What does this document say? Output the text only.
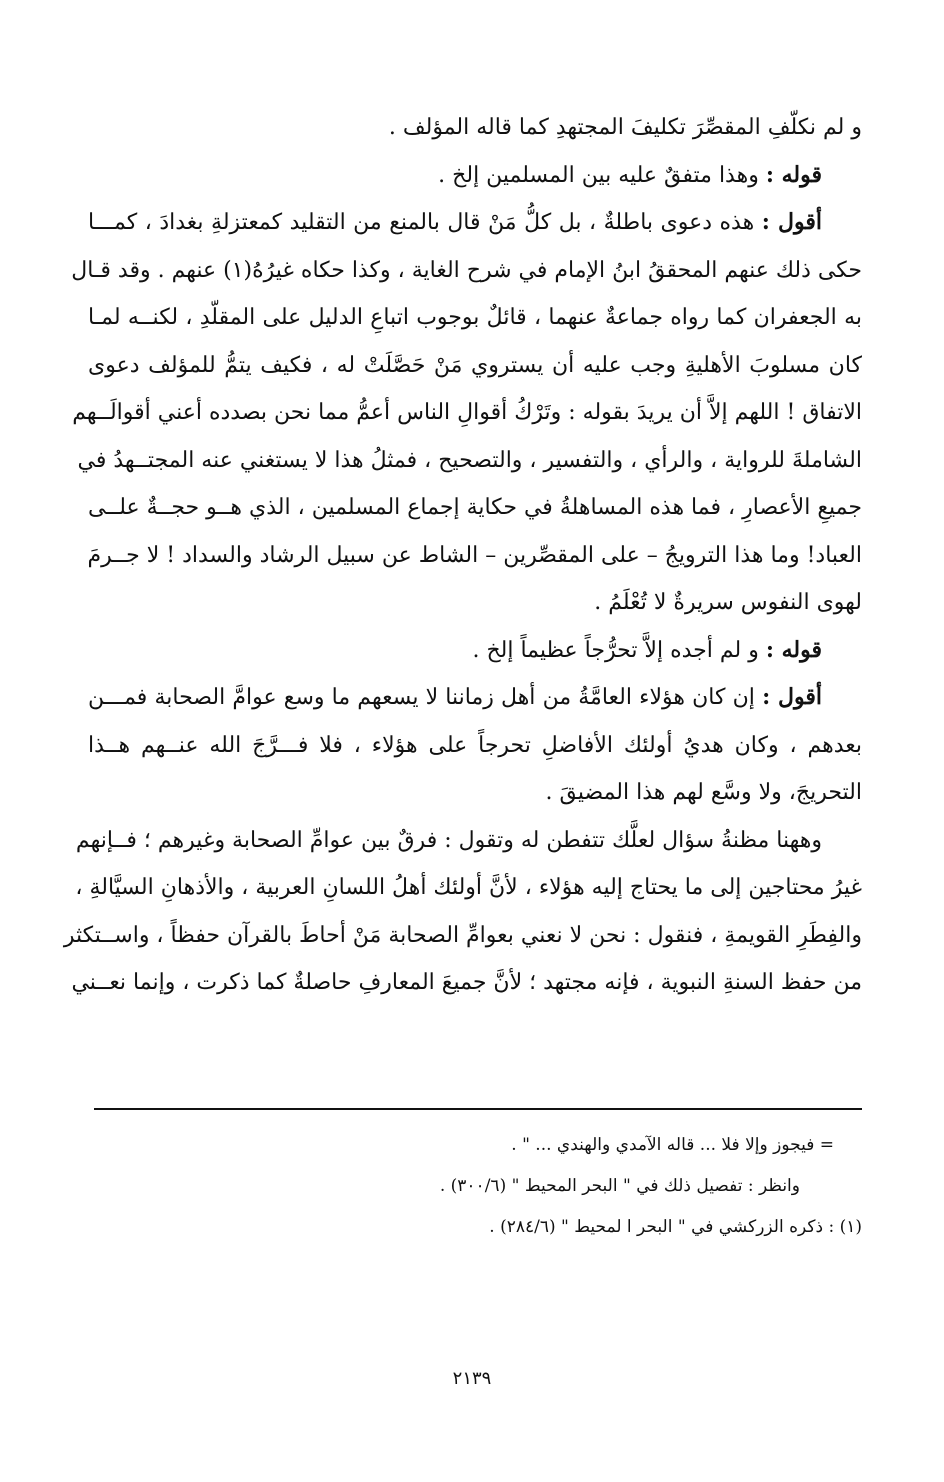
و لم نكلّفِ المقصِّرَ تكليفَ المجتهدِ كما قاله المؤلف .
قوله : وهذا متفقٌ عليه بين المسلمين إلخ .
أقول : هذه دعوى باطلةٌ ، بل كلُّ مَنْ قال بالمنع من التقليد كمعتزلةِ بغدادَ ، كمـــا
حكى ذلك عنهم المحققُ ابنُ الإمام في شرح الغاية ، وكذا حكاه غيرُهُ(١) عنهم . وقد قـال
به الجعفران كما رواه جماعةٌ عنهما ، قائلٌ بوجوب اتباعِ الدليل على المقلّدِ ، لكنــه لمـا
كان مسلوبَ الأهليةِ وجب عليه أن يستروي مَنْ حَصَّلَتْ له ، فكيف يتمُّ للمؤلف دعوى
الاتفاق ! اللهم إلاَّ أن يريدَ بقوله : وتَرْكُ أقوالِ الناس أعمُّ مما نحن بصدده أعني أقوالَــهم
الشاملةَ للرواية ، والرأي ، والتفسير ، والتصحيح ، فمثلُ هذا لا يستغني عنه المجتــهدُ في
جميعِ الأعصارِ ، فما هذه المساهلةُ في حكاية إجماع المسلمين ، الذي هــو حجــةٌ علــى
العباد! وما هذا الترويجُ – على المقصِّرين – الشاط عن سبيل الرشاد والسداد ! لا جــرمَ
لهوى النفوس سريرةٌ لا تُعْلَمُ .
قوله : و لم أجده إلاَّ تحرُّجاً عظيماً إلخ .
أقول : إن كان هؤلاء العامَّةُ من أهل زماننا لا يسعهم ما وسع عوامَّ الصحابة فمـــن
بعدهم ، وكان هديُ أولئك الأفاضلِ تحرجاً على هؤلاء ، فلا فـــرَّجَ الله عنــهم هــذا
التحريجَ، ولا وسَّع لهم هذا المضيقَ .
وههنا مظنةُ سؤال لعلَّك تتفطن له وتقول : فرقٌ بين عوامِّ الصحابة وغيرهم ؛ فــإنهم
غيرُ محتاجين إلى ما يحتاج إليه هؤلاء ، لأنَّ أولئك أهلُ اللسانِ العربية ، والأذهانِ السيَّالةِ ،
والفِطَرِ القويمةِ ، فنقول : نحن لا نعني بعوامِّ الصحابة مَنْ أحاطَ بالقرآن حفظاً ، واســتكثر
من حفظ السنةِ النبوية ، فإنه مجتهد ؛ لأنَّ جميعَ المعارفِ حاصلةٌ كما ذكرت ، وإنما نعــني
= فيجوز وإلا فلا ... قاله الآمدي والهندي ... " .
وانظر : تفصيل ذلك في " البحر المحيط " (٣٠٠/٦) .
(١) : ذكره الزركشي في " البحر ا لمحيط " (٢٨٤/٦) .
٢١٣٩
